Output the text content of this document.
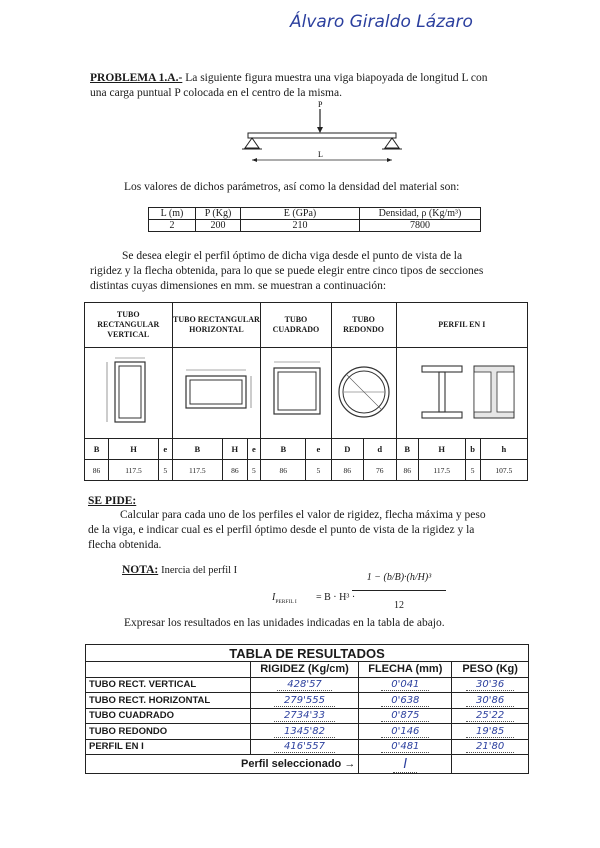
Álvaro Giraldo Lázaro
PROBLEMA 1.A.- La siguiente figura muestra una viga biapoyada de longitud L con
una carga puntual P colocada en el centro de la misma.
P
L
Los valores de dichos parámetros, así como la densidad del material son:
L (m)	P (Kg)	E (GPa)	Densidad, ρ (Kg/m³)
2	200	210	7800
Se desea elegir el perfil óptimo de dicha viga desde el punto de vista de la
rigidez y la flecha obtenida, para lo que se puede elegir entre cinco tipos de secciones
distintas cuyas dimensiones en mm. se muestran a continuación:
TUBO RECTANGULAR VERTICAL			TUBO RECTANGULAR HORIZONTAL			TUBO CUADRADO		TUBO REDONDO		PERFIL EN I			

B	H	e	B	H	e	B	e	D	d	B	H	b	h
86	117.5	5	117.5	86	5	86	5	86	76	86	117.5	5	107.5
SE PIDE:
Calcular para cada uno de los perfiles el valor de rigidez, flecha máxima y peso
de la viga, e indicar cual es el perfil óptimo desde el punto de vista de la rigidez y la
flecha obtenida.
NOTA: Inercia del perfil I
$I_{PERFIL I} = B \cdot H^3$ ·
1 − (b/B)·(h/H)³
12
Expresar los resultados en las unidades indicadas en la tabla de abajo.
TABLA DE RESULTADOS			
	RIGIDEZ (Kg/cm)	FLECHA (mm)	PESO (Kg)
TUBO RECT. VERTICAL	428'57	0'041	30'36
TUBO RECT. HORIZONTAL	279'555	0'638	30'86
TUBO CUADRADO	2734'33	0'875	25'22
TUBO REDONDO	1345'82	0'146	19'85
PERFIL EN I	416'557	0'481	21'80
Perfil seleccionado →		I	
